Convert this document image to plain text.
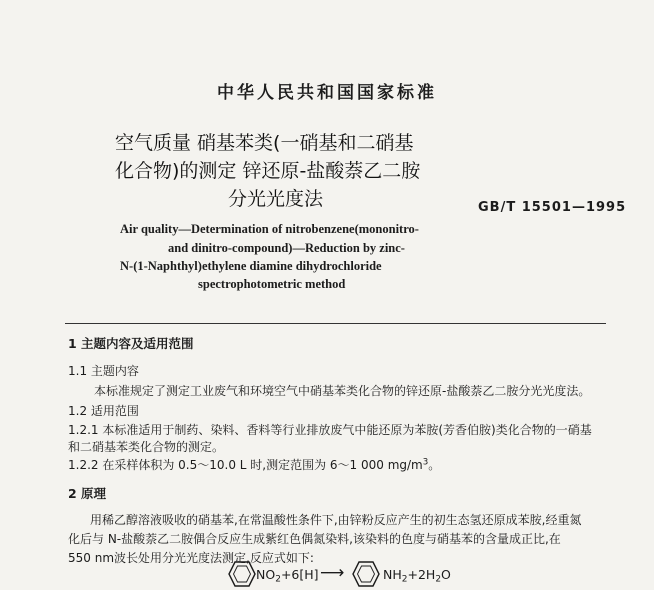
中华人民共和国国家标准
空气质量 硝基苯类(一硝基和二硝基
化合物)的测定 锌还原-盐酸萘乙二胺
分光光度法	GB/T 15501—1995
Air quality—Determination of nitrobenzene(mononitro-
and dinitro-compound)—Reduction by zinc-
N-(1-Naphthyl)ethylene diamine dihydrochloride
spectrophotometric method
1 主题内容及适用范围
1.1 主题内容
本标准规定了测定工业废气和环境空气中硝基苯类化合物的锌还原-盐酸萘乙二胺分光光度法。
1.2 适用范围
1.2.1 本标准适用于制药、染料、香料等行业排放废气中能还原为苯胺(芳香伯胺)类化合物的一硝基
和二硝基苯类化合物的测定。
1.2.2 在采样体积为 0.5～10.0 L 时,测定范围为 6～1 000 $mg/m^3$。
2 原理
用稀乙醇溶液吸收的硝基苯,在常温酸性条件下,由锌粉反应产生的初生态氢还原成苯胺,经重氮
化后与 N-盐酸萘乙二胺偶合反应生成紫红色偶氮染料,该染料的色度与硝基苯的含量成正比,在
550 nm波长处用分光光度法测定,反应式如下:
$NO_2+6[H]$ ⟶	$NH_2+2H_2O$
